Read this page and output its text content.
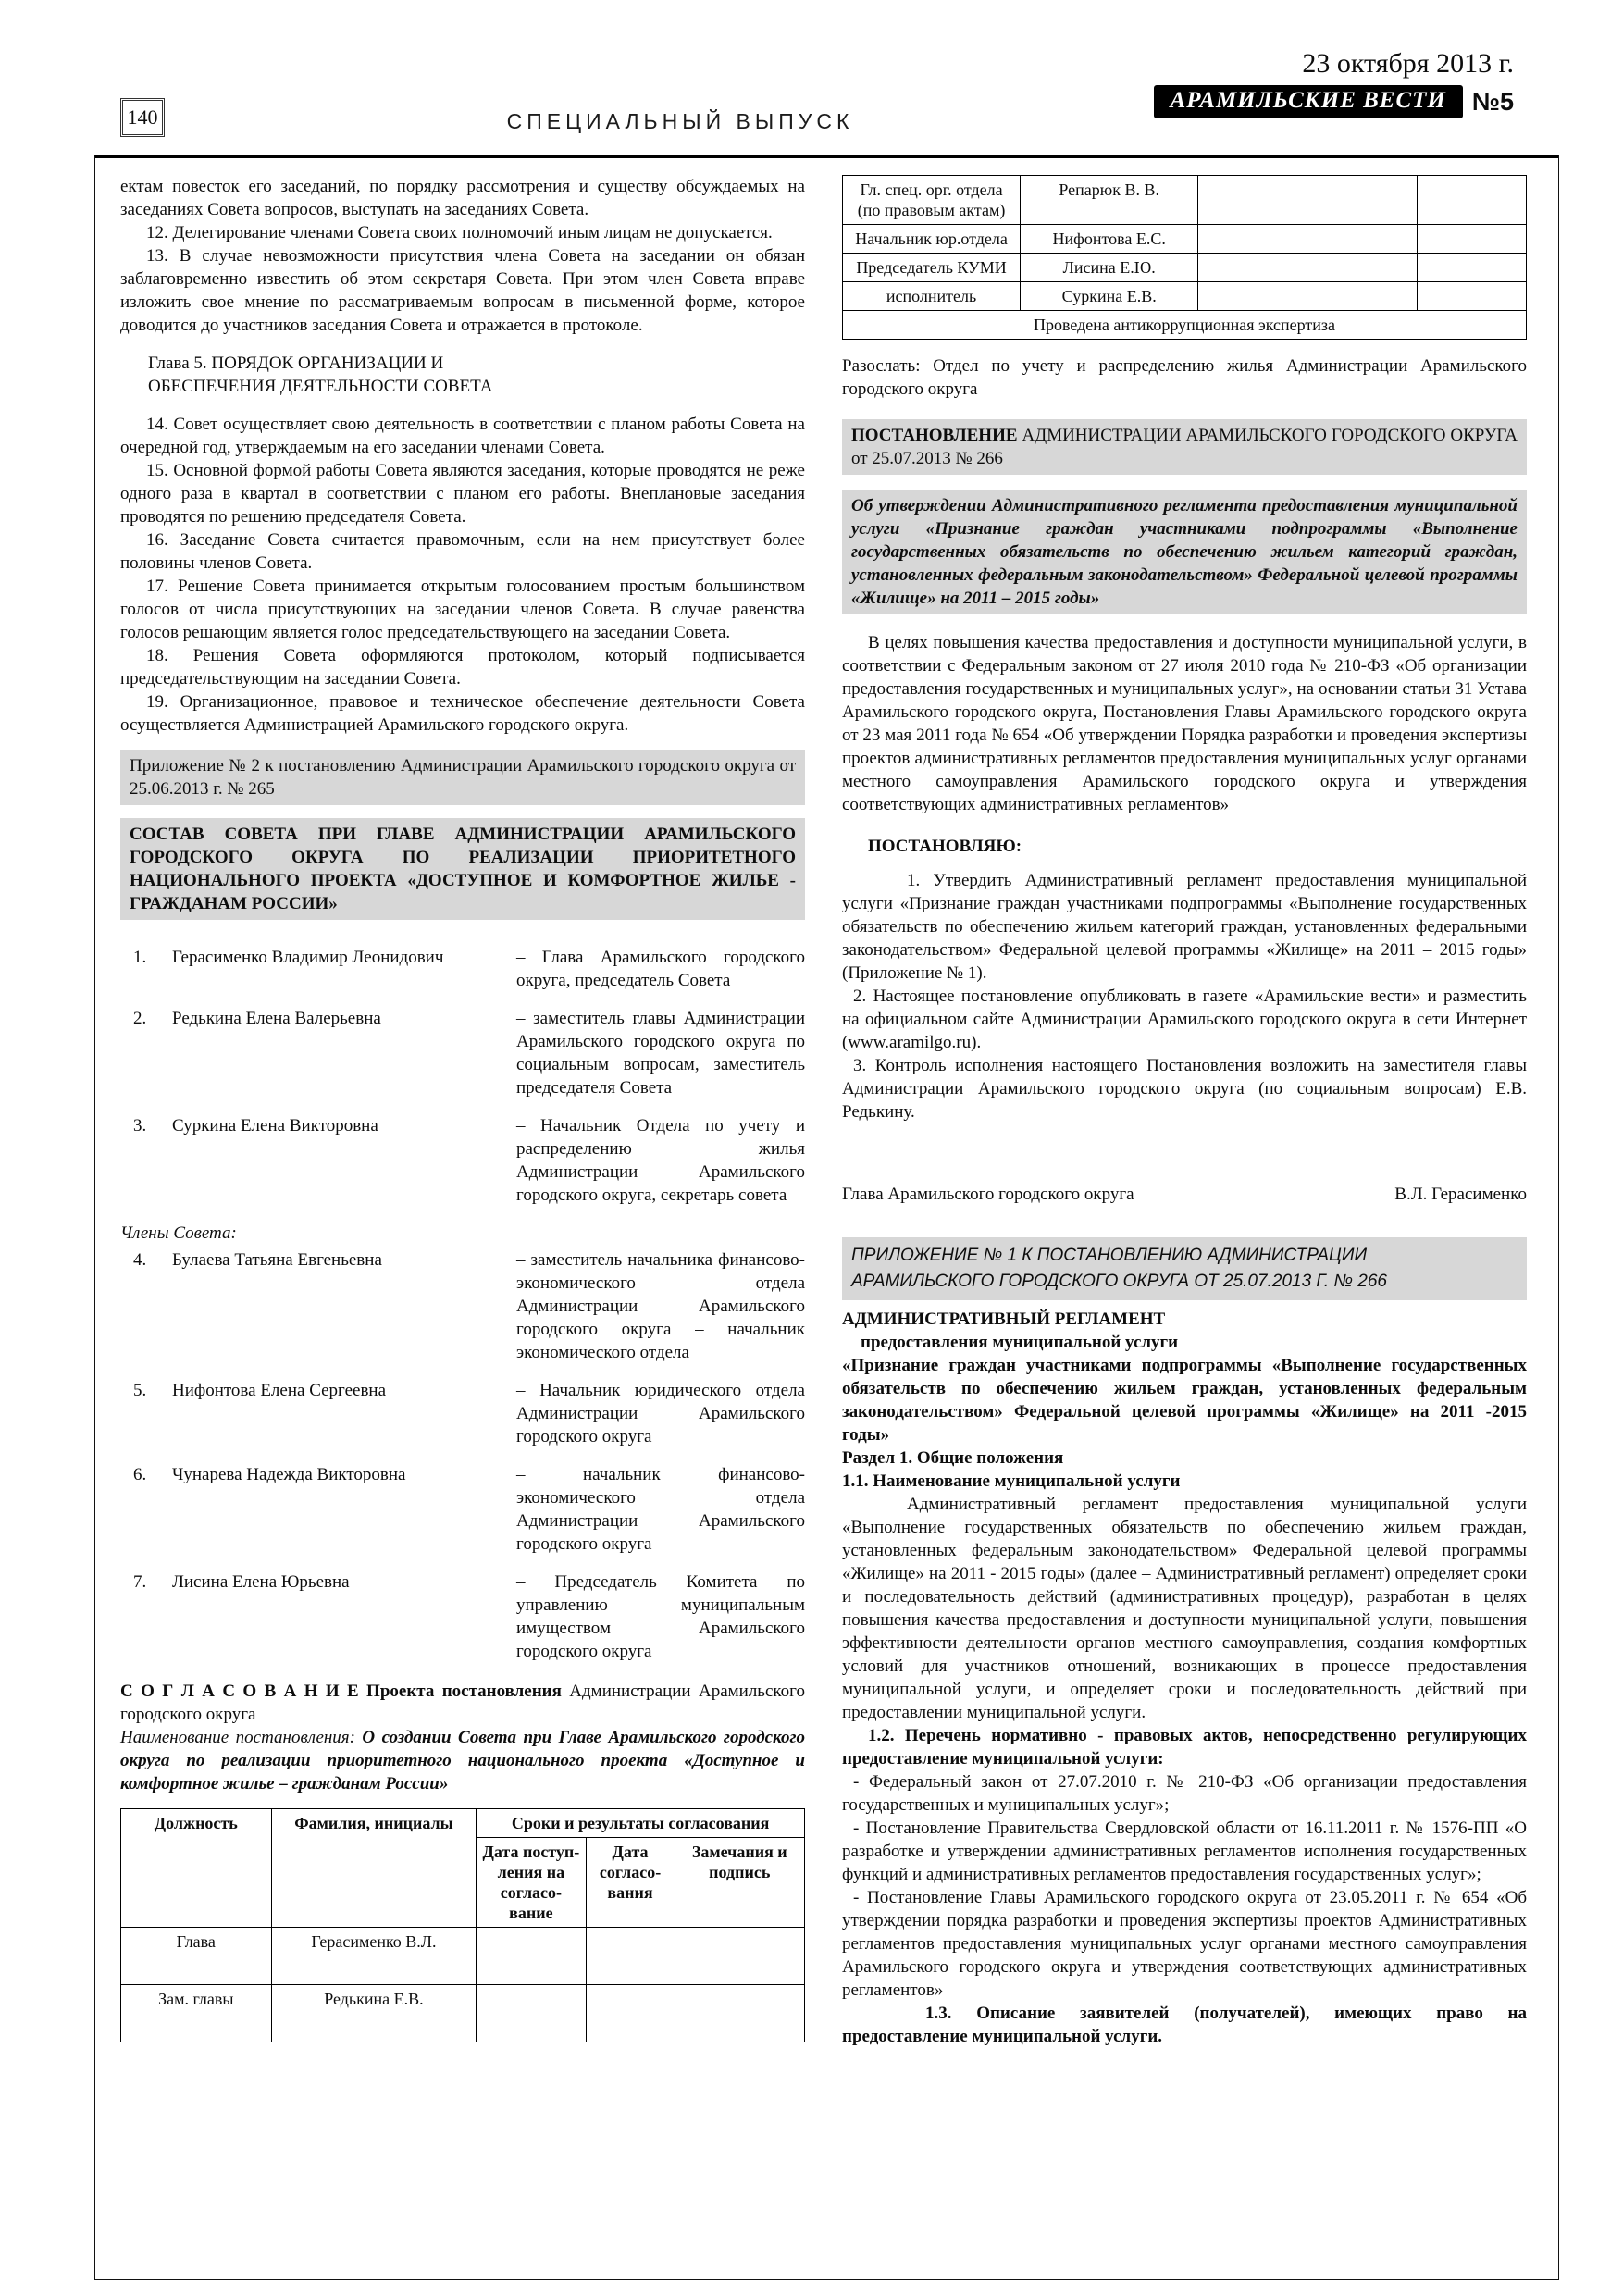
140	СПЕЦИАЛЬНЫЙ ВЫПУСК
23 октября 2013 г.
АРАМИЛЬСКИЕ ВЕСТИ	№5

ектам повесток его заседаний, по порядку рассмотрения и существу обсуждаемых на заседаниях Совета вопросов, выступать на заседаниях Совета.

12. Делегирование членами Совета своих полномочий иным лицам не допускается.

13. В случае невозможности присутствия члена Совета на заседании он обязан заблаговременно известить об этом секретаря Совета. При этом член Совета вправе изложить свое мнение по рассматриваемым вопросам в письменной форме, которое доводится до участников заседания Совета и отражается в протоколе.

Глава 5. ПОРЯДОК ОРГАНИЗАЦИИ И
ОБЕСПЕЧЕНИЯ ДЕЯТЕЛЬНОСТИ СОВЕТА

14. Совет осуществляет свою деятельность в соответствии с планом работы Совета на очередной год, утверждаемым на его заседании членами Совета.

15. Основной формой работы Совета являются заседания, которые проводятся не реже одного раза в квартал в соответствии с планом его работы. Внеплановые заседания проводятся по решению председателя Совета.

16. Заседание Совета считается правомочным, если на нем присутствует более половины членов Совета.

17. Решение Совета принимается открытым голосованием простым большинством голосов от числа присутствующих на заседании членов Совета. В случае равенства голосов решающим является голос председательствующего на заседании Совета.

18. Решения Совета оформляются протоколом, который подписывается председательствующим на заседании Совета.

19. Организационное, правовое и техническое обеспечение деятельности Совета осуществляется Администрацией Арамильского городского округа.

Приложение № 2 к постановлению Администрации Арамильского городского округа от 25.06.2013 г. № 265

СОСТАВ СОВЕТА ПРИ ГЛАВЕ АДМИНИСТРАЦИИ АРАМИЛЬСКОГО ГОРОДСКОГО ОКРУГА ПО РЕАЛИЗАЦИИ ПРИОРИТЕТНОГО НАЦИОНАЛЬНОГО ПРОЕКТА «ДОСТУПНОЕ И КОМФОРТНОЕ ЖИЛЬЕ - ГРАЖДАНАМ РОССИИ»

1.	Герасименко Владимир Леонидович	– Глава Арамильского городского округа, председатель Совета
2.	Редькина Елена Валерьевна	– заместитель главы Администрации Арамильского городского округа по социальным вопросам, заместитель председателя Совета
3.	Суркина Елена Викторовна	– Начальник Отдела по учету и распределению жилья Администрации Арамильского городского округа, секретарь совета
Члены Совета:
4.	Булаева Татьяна Евгеньевна	– заместитель начальника финансово-экономического отдела Администрации Арамильского городского округа – начальник экономического отдела
5.	Нифонтова Елена Сергеевна	– Начальник юридического отдела Администрации Арамильского городского округа
6.	Чунарева Надежда Викторовна	– начальник финансово-экономического отдела Администрации Арамильского городского округа
7.	Лисина Елена Юрьевна	– Председатель Комитета по управлению муниципальным имуществом Арамильского городского округа

С О Г Л А С О В А Н И Е Проекта постановления Администрации Арамильского городского округа

Наименование постановления: О создании Совета при Главе Арамильского городского округа по реализации приоритетного национального проекта «Доступное и комфортное жилье – гражданам России»

Должность	Фамилия, инициалы	Сроки и результаты согласования		
		Дата поступ-ления на согласо-вание	Дата согласо-вания	Замечания и подпись
Глава	Герасименко В.Л.			
Зам. главы	Редькина Е.В.			
Гл. спец. орг. отдела (по правовым актам)	Репарюк В. В.			
Начальник юр.отдела	Нифонтова Е.С.			
Председатель КУМИ	Лисина Е.Ю.			
исполнитель	Суркина Е.В.			
Проведена антикоррупционная экспертиза				

Разослать: Отдел по учету и распределению жилья Администрации Арамильского городского округа

ПОСТАНОВЛЕНИЕ АДМИНИСТРАЦИИ АРАМИЛЬСКОГО ГОРОДСКОГО ОКРУГА от 25.07.2013 № 266

Об утверждении Административного регламента предоставления муниципальной услуги «Признание граждан участниками подпрограммы «Выполнение государственных обязательств по обеспечению жильем категорий граждан, установленных федеральным законодательством» Федеральной целевой программы «Жилище» на 2011 – 2015 годы»

В целях повышения качества предоставления и доступности муниципальной услуги, в соответствии с Федеральным законом от 27 июля 2010 года № 210-ФЗ «Об организации предоставления государственных и муниципальных услуг», на основании статьи 31 Устава Арамильского городского округа, Постановления Главы Арамильского городского округа от 23 мая 2011 года № 654 «Об утверждении Порядка разработки и проведения экспертизы проектов административных регламентов предоставления муниципальных услуг органами местного самоуправления Арамильского городского округа и утверждения соответствующих административных регламентов»

ПОСТАНОВЛЯЮ:

1. Утвердить Административный регламент предоставления муниципальной услуги «Признание граждан участниками подпрограммы «Выполнение государственных обязательств по обеспечению жильем категорий граждан, установленных федеральными законодательством» Федеральной целевой программы «Жилище» на 2011 – 2015 годы» (Приложение № 1).

2. Настоящее постановление опубликовать в газете «Арамильские вести» и разместить на официальном сайте Администрации Арамильского городского округа в сети Интернет (www.aramilgo.ru).

3. Контроль исполнения настоящего Постановления возложить на заместителя главы Администрации Арамильского городского округа (по социальным вопросам) Е.В. Редькину.

Глава Арамильского городского округа	В.Л. Герасименко
ПРИЛОЖЕНИЕ № 1 К ПОСТАНОВЛЕНИЮ АДМИНИСТРАЦИИ
АРАМИЛЬСКОГО ГОРОДСКОГО ОКРУГА ОТ 25.07.2013 Г. № 266

АДМИНИСТРАТИВНЫЙ РЕГЛАМЕНТ

предоставления муниципальной услуги

«Признание граждан участниками подпрограммы «Выполнение государственных обязательств по обеспечению жильем граждан, установленных федеральным законодательством» Федеральной целевой программы «Жилище» на 2011 -2015 годы»

Раздел 1. Общие положения

1.1. Наименование муниципальной услуги

Административный регламент предоставления муниципальной услуги «Выполнение государственных обязательств по обеспечению жильем граждан, установленных федеральным законодательством» Федеральной целевой программы «Жилище» на 2011 - 2015 годы» (далее – Административный регламент) определяет сроки и последовательность действий (административных процедур), разработан в целях повышения качества предоставления и доступности муниципальной услуги, повышения эффективности деятельности органов местного самоуправления, создания комфортных условий для участников отношений, возникающих в процессе предоставления муниципальной услуги, и определяет сроки и последовательность действий при предоставлении муниципальной услуги.

1.2. Перечень нормативно - правовых актов, непосредственно регулирующих предоставление муниципальной услуги:

- Федеральный закон от 27.07.2010 г. № 210-ФЗ «Об организации предоставления государственных и муниципальных услуг»;

- Постановление Правительства Свердловской области от 16.11.2011 г. № 1576-ПП «О разработке и утверждении административных регламентов исполнения государственных функций и административных регламентов предоставления государственных услуг»;

- Постановление Главы Арамильского городского округа от 23.05.2011 г. № 654 «Об утверждении порядка разработки и проведения экспертизы проектов Административных регламентов предоставления муниципальных услуг органами местного самоуправления Арамильского городского округа и утверждения соответствующих административных регламентов»

1.3. Описание заявителей (получателей), имеющих право на предоставление муниципальной услуги.
